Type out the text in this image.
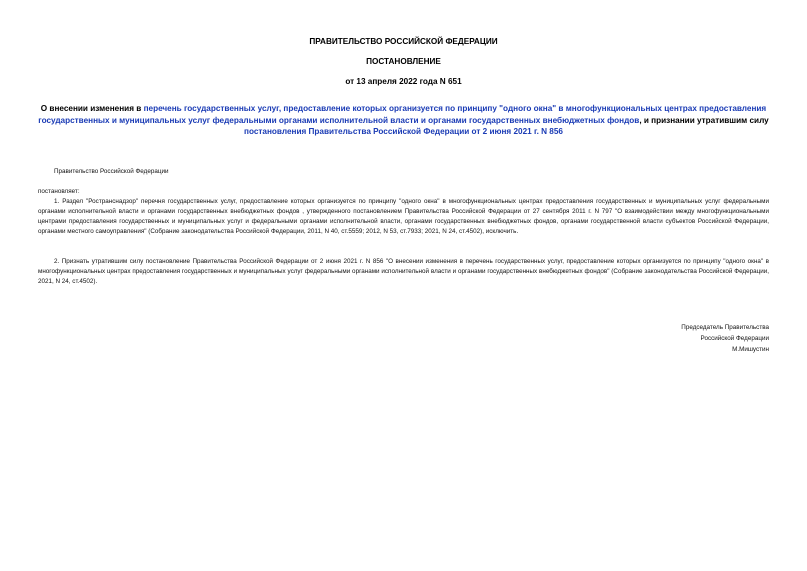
ПРАВИТЕЛЬСТВО РОССИЙСКОЙ ФЕДЕРАЦИИ
ПОСТАНОВЛЕНИЕ
от 13 апреля 2022 года N 651
О внесении изменения в перечень государственных услуг, предоставление которых организуется по принципу "одного окна" в многофункциональных центрах предоставления государственных и муниципальных услуг федеральными органами исполнительной власти и органами государственных внебюджетных фондов, и признании утратившим силу постановления Правительства Российской Федерации от 2 июня 2021 г. N 856
Правительство Российской Федерации
постановляет:
1. Раздел "Ространснадзор" перечня государственных услуг, предоставление которых организуется по принципу "одного окна" в многофункциональных центрах предоставления государственных и муниципальных услуг федеральными органами исполнительной власти и органами государственных внебюджетных фондов , утвержденного постановлением Правительства Российской Федерации от 27 сентября 2011 г. N 797 "О взаимодействии между многофункциональными центрами предоставления государственных и муниципальных услуг и федеральными органами исполнительной власти, органами государственных внебюджетных фондов, органами государственной власти субъектов Российской Федерации, органами местного самоуправления" (Собрание законодательства Российской Федерации, 2011, N 40, ст.5559; 2012, N 53, ст.7933; 2021, N 24, ст.4502), исключить.
2. Признать утратившим силу постановление Правительства Российской Федерации от 2 июня 2021 г. N 856 "О внесении изменения в перечень государственных услуг, предоставление которых организуется по принципу "одного окна" в многофункциональных центрах предоставления государственных и муниципальных услуг федеральными органами исполнительной власти и органами государственных внебюджетных фондов" (Собрание законодательства Российской Федерации, 2021, N 24, ст.4502).
Председатель Правительства
Российской Федерации
М.Мишустин
